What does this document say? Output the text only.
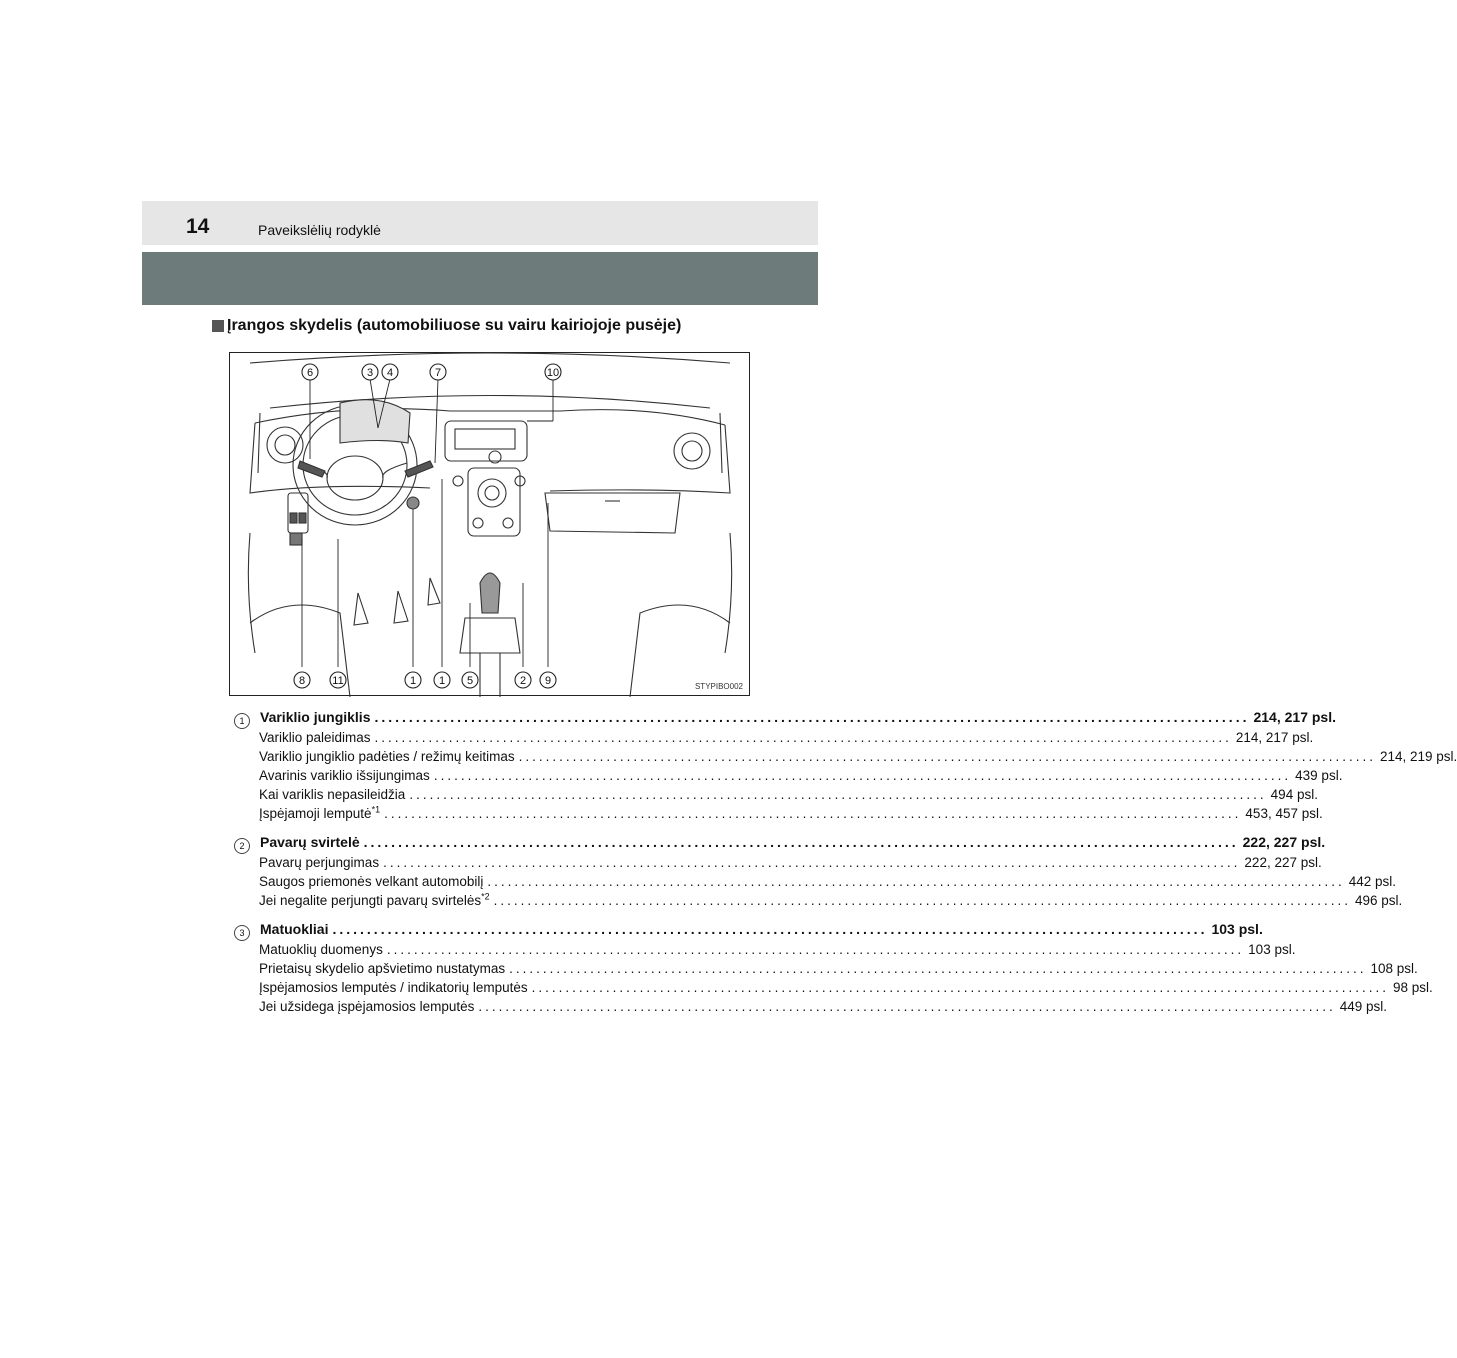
14	Paveikslėlių rodyklė
Įrangos skydelis (automobiliuose su vairu kairiojoje pusėje)
6	3 4	7	10
8 11	1 1 5	2 9	STYPIBO002
1	Variklio jungiklis .....	214, 217 psl.
Variklio paleidimas .....	214, 217 psl.
Variklio jungiklio padėties / režimų keitimas .....	214, 219 psl.
Avarinis variklio išsijungimas .....	439 psl.
Kai variklis nepasileidžia .....	494 psl.
Įspėjamoji lemputė$^{*1}$ .....	453, 457 psl.
2	Pavarų svirtelė .....	222, 227 psl.
Pavarų perjungimas .....	222, 227 psl.
Saugos priemonės velkant automobilį .....	442 psl.
Jei negalite perjungti pavarų svirtelės$^{*2}$ .....	496 psl.
3	Matuokliai .....	103 psl.
Matuoklių duomenys .....	103 psl.
Prietaisų skydelio apšvietimo nustatymas .....	108 psl.
Įspėjamosios lemputės / indikatorių lemputės .....	98 psl.
Jei užsidega įspėjamosios lemputės .....	449 psl.
